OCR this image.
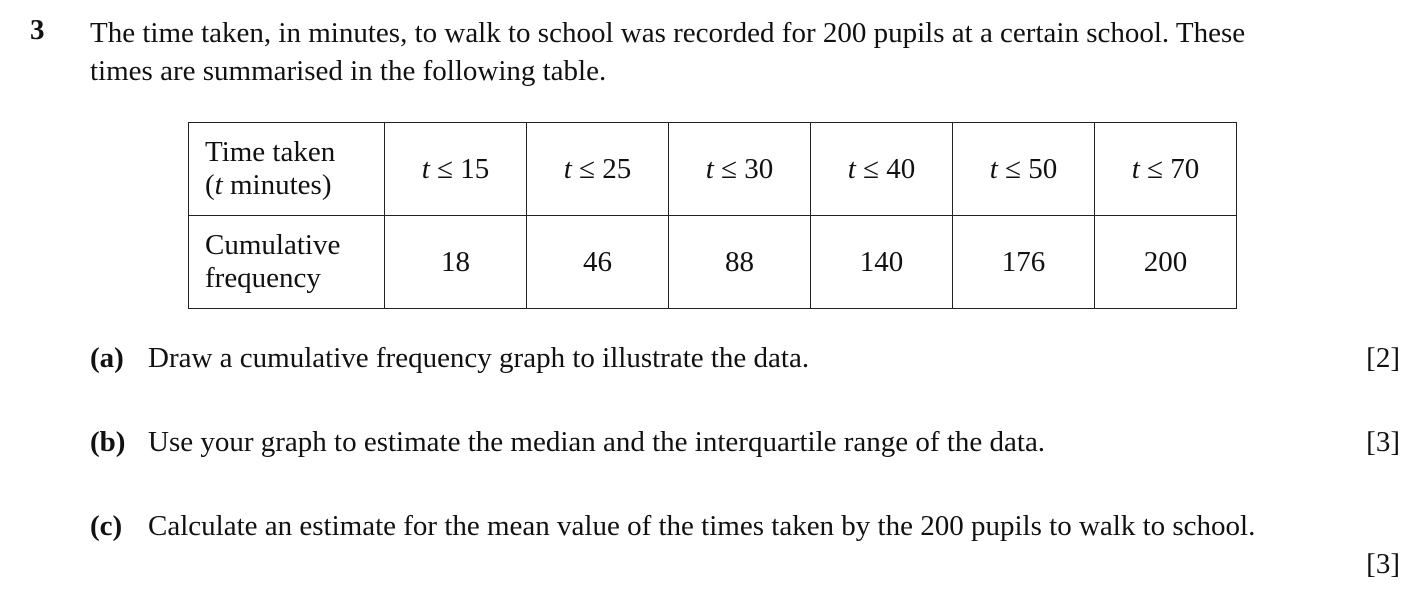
3 The time taken, in minutes, to walk to school was recorded for 200 pupils at a certain school. These
times are summarised in the following table.
Time taken
(t minutes)	t ≤ 15	t ≤ 25	t ≤ 30	t ≤ 40	t ≤ 50	t ≤ 70

Cumulative
frequency	18	46	88	140	176	200
(a) Draw a cumulative frequency graph to illustrate the data.	[2]
(b) Use your graph to estimate the median and the interquartile range of the data.	[3]
(c) Calculate an estimate for the mean value of the times taken by the 200 pupils to walk to school.
[3]
